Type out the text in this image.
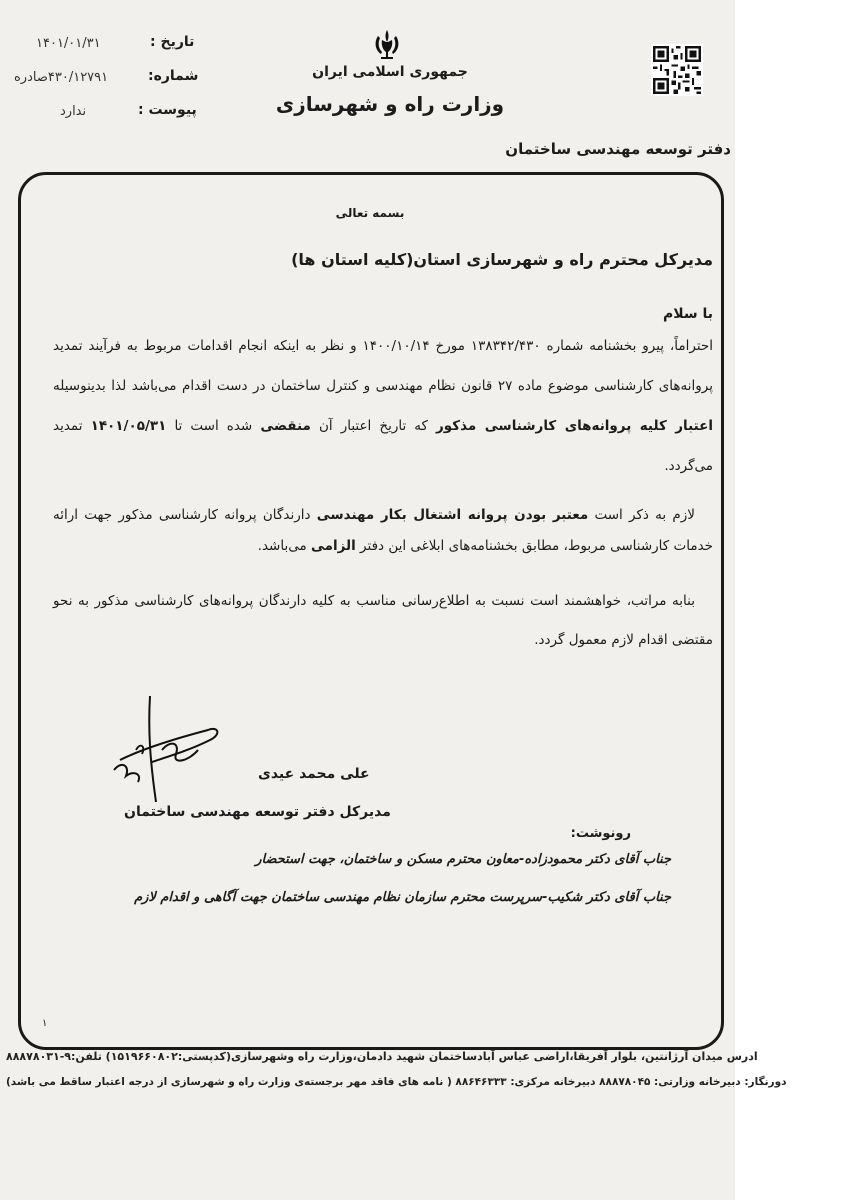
تاریخ :
۱۴۰۱/۰۱/۳۱
شماره:
۴۳۰/۱۲۷۹۱صادره
پیوست :
ندارد
جمهوری اسلامی ایران
وزارت راه و شهرسازی
دفتر توسعه مهندسی ساختمان
بسمه تعالی
مدیرکل محترم راه و شهرسازی استان(کلیه استان ها)
با سلام
احتراماً، پیرو بخشنامه شماره ۱۳۸۳۴۲/۴۳۰ مورخ ۱۴۰۰/۱۰/۱۴ و نظر به اینکه انجام اقدامات مربوط به فرآیند تمدید پروانه‌های کارشناسی موضوع ماده ۲۷ قانون نظام مهندسی و کنترل ساختمان در دست اقدام می‌باشد لذا بدینوسیله اعتبار کلیه پروانه‌های کارشناسی مذکور که تاریخ اعتبار آن منقضی شده است تا ۱۴۰۱/۰۵/۳۱ تمدید می‌گردد.
لازم به ذکر است معتبر بودن پروانه اشتغال بکار مهندسی دارندگان پروانه کارشناسی مذکور جهت ارائه خدمات کارشناسی مربوط، مطابق بخشنامه‌های ابلاغی این دفتر الزامی می‌باشد.
بنابه مراتب، خواهشمند است نسبت به اطلاع‌رسانی مناسب به کلیه دارندگان پروانه‌های کارشناسی مذکور به نحو مقتضی اقدام لازم معمول گردد.
علی محمد عیدی
مدیرکل دفتر توسعه مهندسی ساختمان
رونوشت:
جناب آقای دکتر محمودزاده-معاون محترم مسکن و ساختمان، جهت استحضار
جناب آقای دکتر شکیب-سرپرست محترم سازمان نظام مهندسی ساختمان جهت آگاهی و اقدام لازم
۱
ادرس میدان آرژانتین، بلوار آفریقا،اراضی عباس آبادساختمان شهید دادمان،وزارت راه وشهرسازی(کدپستی:۱۵۱۹۶۶۰۸۰۲) تلفن:۹-۸۸۸۷۸۰۳۱
دورنگار: دبیرخانه وزارتی: ۸۸۸۷۸۰۴۵ دبیرخانه مرکزی: ۸۸۶۴۶۳۳۳ ( نامه های فاقد مهر برجسته‌ی وزارت راه و شهرسازی از درجه اعتبار ساقط می باشد)
